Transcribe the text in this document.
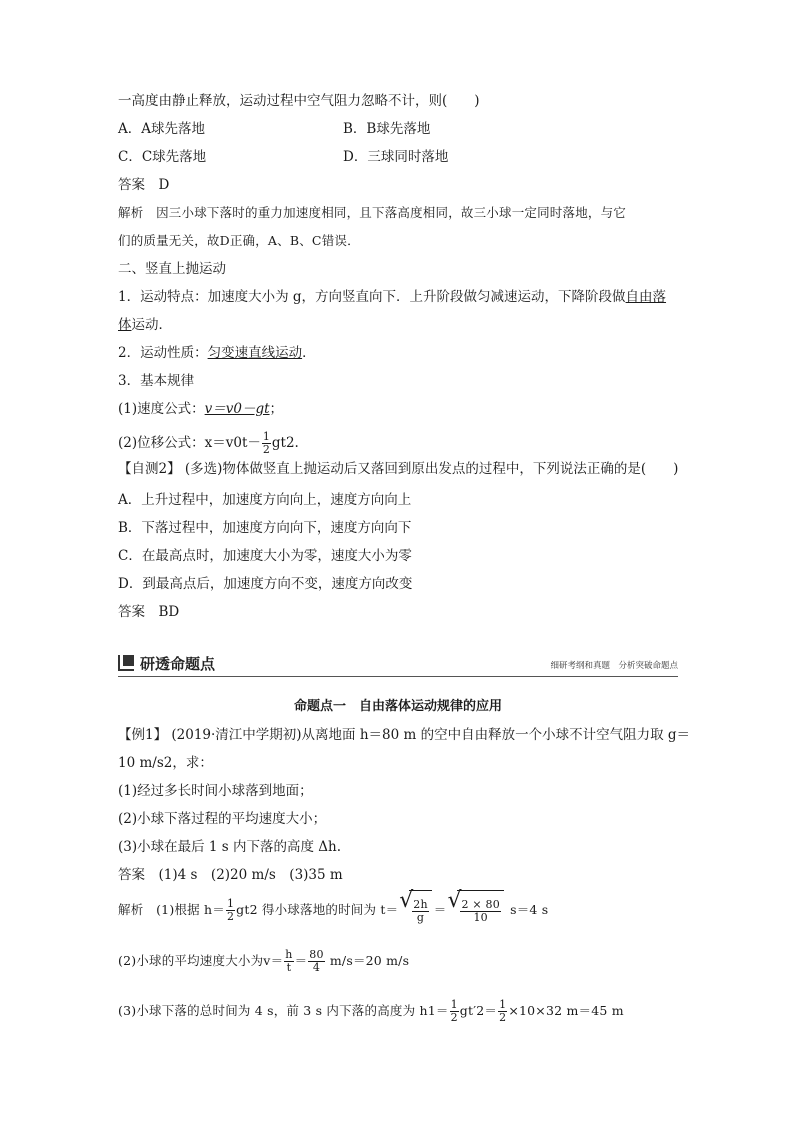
一高度由静止释放，运动过程中空气阻力忽略不计，则(　　)
A．A球先落地	B．B球先落地
C．C球先落地	D．三球同时落地
答案　D
解析　因三小球下落时的重力加速度相同，且下落高度相同，故三小球一定同时落地，与它
们的质量无关，故D正确，A、B、C错误．
二、竖直上抛运动
1．运动特点：加速度大小为 g，方向竖直向下．上升阶段做匀减速运动，下降阶段做自由落
体运动．
2．运动性质：匀变速直线运动．
3．基本规律
(1)速度公式：v＝v0－gt；
(2)位移公式：$x=v0t- \frac{1}{2} gt2$.
【自测2】 (多选)物体做竖直上抛运动后又落回到原出发点的过程中，下列说法正确的是(　　)
A．上升过程中，加速度方向向上，速度方向向上
B．下落过程中，加速度方向向下，速度方向向下
C．在最高点时，加速度大小为零，速度大小为零
D．到最高点后，加速度方向不变，速度方向改变
答案　BD
研透命题点	细研考纲和真题　分析突破命题点
命题点一　自由落体运动规律的应用
【例1】 (2019·清江中学期初)从离地面 h＝80 m 的空中自由释放一个小球不计空气阻力取 g＝
10 m/s2，求：
(1)经过多长时间小球落到地面；
(2)小球下落过程的平均速度大小；
(3)小球在最后 1 s 内下落的高度 Δh.
答案　(1)4 s　(2)20 m/s　(3)35 m
解析　(1)根据 $h= \frac{1}{2} gt2$ 得小球落地的时间为 t＝ √ $\frac{2h}{g}$ ＝ √ $\frac{2 \times 80}{10} s=4$ s
(2)小球的平均速度大小为$v= \frac{h}{t} = \frac{80}{4} m/s=20$ m/s
(3)小球下落的总时间为 4 s，前 3 s 内下落的高度为 $h1= \frac{1}{2} gt'2= \frac{1}{2} \times 10\times 32$ m＝45 m
